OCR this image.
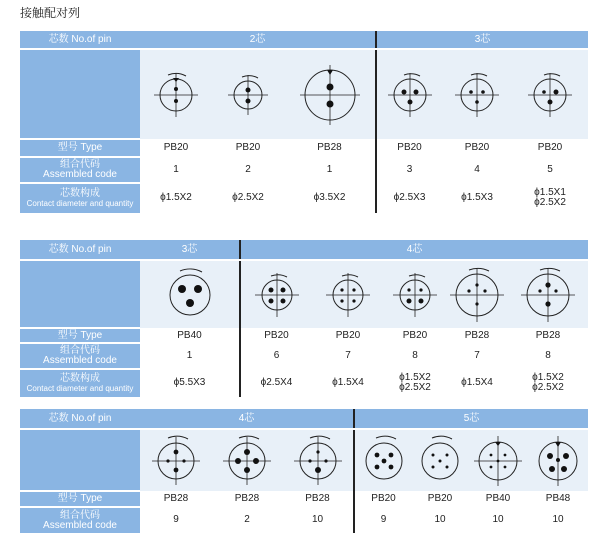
接触配对列
芯数 No.of pin	2芯			3芯		

型号 Type	PB20	PB20	PB28	PB20	PB20	PB20

组合代码
Assembled code	1	2	1	3	4	5

芯数构成
Contact diameter and quantity	ϕ1.5X2	ϕ2.5X2	ϕ3.5X2	ϕ2.5X3	ϕ1.5X3	ϕ1.5X1
ϕ2.5X2
芯数 No.of pin	3芯	4芯				

型号 Type	PB40	PB20	PB20	PB20	PB28	PB28

组合代码
Assembled code	1	6	7	8	7	8

芯数构成
Contact diameter and quantity	ϕ5.5X3	ϕ2.5X4	ϕ1.5X4	ϕ1.5X2
ϕ2.5X2	ϕ1.5X4	ϕ1.5X2
ϕ2.5X2
芯数 No.of pin	4芯			5芯			

型号 Type	PB28	PB28	PB28	PB20	PB20	PB40	PB48

组合代码
Assembled code	9	2	10	9	10	10	10
